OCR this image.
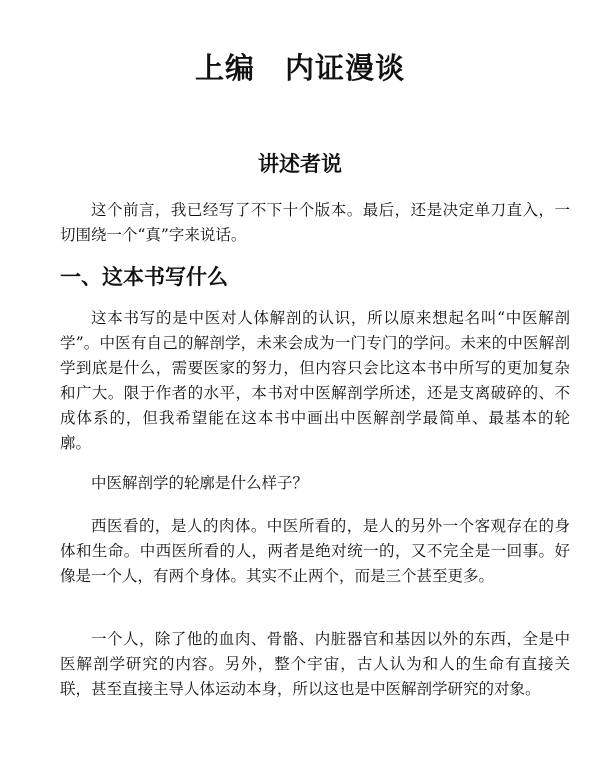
上编　内证漫谈
讲述者说

这个前言，我已经写了不下十个版本。最后，还是决定单刀直入，一切围绕一个“真”字来说话。

一、这本书写什么

这本书写的是中医对人体解剖的认识，所以原来想起名叫“中医解剖学”。中医有自己的解剖学，未来会成为一门专门的学问。未来的中医解剖学到底是什么，需要医家的努力，但内容只会比这本书中所写的更加复杂和广大。限于作者的水平，本书对中医解剖学所述，还是支离破碎的、不成体系的，但我希望能在这本书中画出中医解剖学最简单、最基本的轮廓。

中医解剖学的轮廓是什么样子？

西医看的，是人的肉体。中医所看的，是人的另外一个客观存在的身体和生命。中西医所看的人，两者是绝对统一的，又不完全是一回事。好像是一个人，有两个身体。其实不止两个，而是三个甚至更多。

一个人，除了他的血肉、骨骼、内脏器官和基因以外的东西，全是中医解剖学研究的内容。另外，整个宇宙，古人认为和人的生命有直接关联，甚至直接主导人体运动本身，所以这也是中医解剖学研究的对象。
